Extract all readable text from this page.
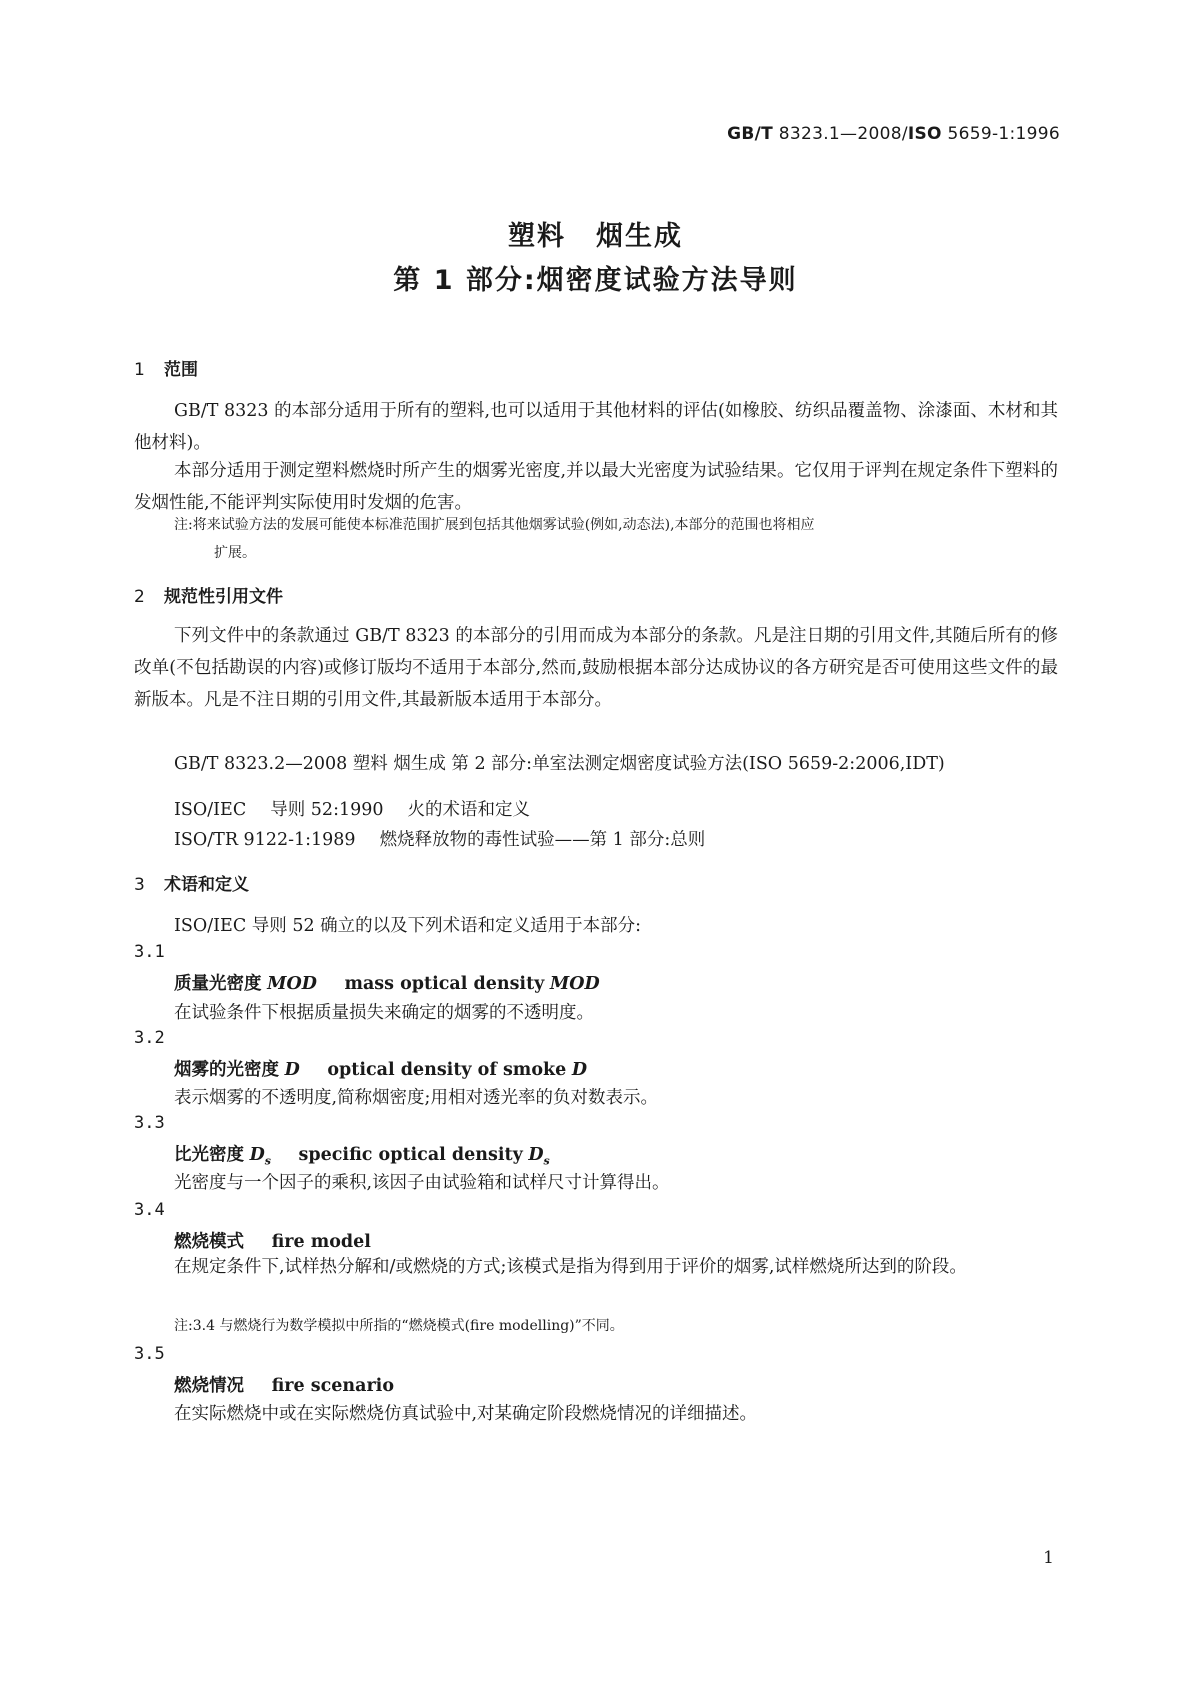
GB/T 8323.1—2008/ISO 5659-1:1996
塑料 烟生成
第 1 部分:烟密度试验方法导则
1 范围
GB/T 8323 的本部分适用于所有的塑料,也可以适用于其他材料的评估(如橡胶、纺织品覆盖物、涂漆面、木材和其他材料)。
本部分适用于测定塑料燃烧时所产生的烟雾光密度,并以最大光密度为试验结果。它仅用于评判在规定条件下塑料的发烟性能,不能评判实际使用时发烟的危害。
注:将来试验方法的发展可能使本标准范围扩展到包括其他烟雾试验(例如,动态法),本部分的范围也将相应
扩展。
2 规范性引用文件
下列文件中的条款通过 GB/T 8323 的本部分的引用而成为本部分的条款。凡是注日期的引用文件,其随后所有的修改单(不包括勘误的内容)或修订版均不适用于本部分,然而,鼓励根据本部分达成协议的各方研究是否可使用这些文件的最新版本。凡是不注日期的引用文件,其最新版本适用于本部分。
GB/T 8323.2—2008 塑料 烟生成 第 2 部分:单室法测定烟密度试验方法(ISO 5659-2:2006,IDT)
ISO/IEC 导则 52:1990 火的术语和定义
ISO/TR 9122-1:1989 燃烧释放物的毒性试验——第 1 部分:总则
3 术语和定义
ISO/IEC 导则 52 确立的以及下列术语和定义适用于本部分:
3.1
质量光密度 MOD mass optical density MOD
在试验条件下根据质量损失来确定的烟雾的不透明度。
3.2
烟雾的光密度 D optical density of smoke D
表示烟雾的不透明度,简称烟密度;用相对透光率的负对数表示。
3.3
比光密度 $D_s$ specific optical density $D_s$
光密度与一个因子的乘积,该因子由试验箱和试样尺寸计算得出。
3.4
燃烧模式 fire model
在规定条件下,试样热分解和/或燃烧的方式;该模式是指为得到用于评价的烟雾,试样燃烧所达到的阶段。
注:3.4 与燃烧行为数学模拟中所指的“燃烧模式(fire modelling)”不同。
3.5
燃烧情况 fire scenario
在实际燃烧中或在实际燃烧仿真试验中,对某确定阶段燃烧情况的详细描述。
1
